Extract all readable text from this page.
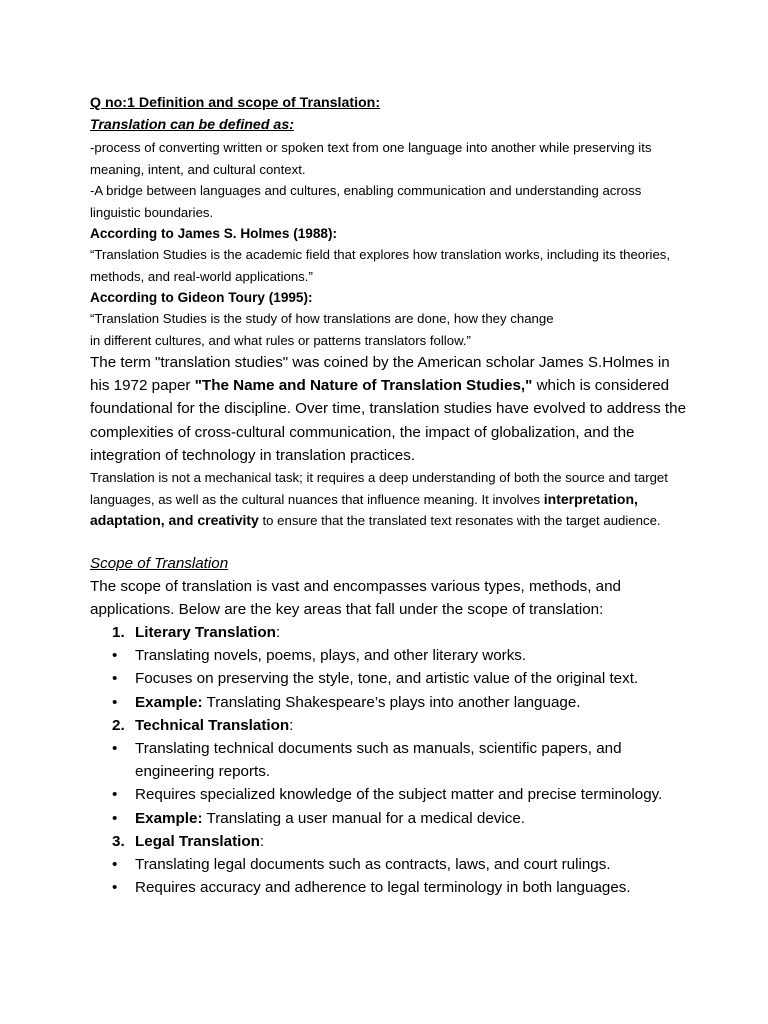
Q no:1 Definition and scope of Translation:

Translation can be defined as:

-process of converting written or spoken text from one language into another while preserving its meaning, intent, and cultural context.

-A bridge between languages and cultures, enabling communication and understanding across linguistic boundaries.

According to James S. Holmes (1988):

“Translation Studies is the academic field that explores how translation works, including its theories, methods, and real-world applications.”

According to Gideon Toury (1995):

“Translation Studies is the study of how translations are done, how they change

in different cultures, and what rules or patterns translators follow.”

The term "translation studies" was coined by the American scholar James S.Holmes in his 1972 paper "The Name and Nature of Translation Studies," which is considered foundational for the discipline. Over time, translation studies have evolved to address the complexities of cross-cultural communication, the impact of globalization, and the integration of technology in translation practices.

Translation is not a mechanical task; it requires a deep understanding of both the source and target languages, as well as the cultural nuances that influence meaning. It involves interpretation, adaptation, and creativity to ensure that the translated text resonates with the target audience.

Scope of Translation

The scope of translation is vast and encompasses various types, methods, and applications. Below are the key areas that fall under the scope of translation:

1. Literary Translation:
• Translating novels, poems, plays, and other literary works.
• Focuses on preserving the style, tone, and artistic value of the original text.
• Example: Translating Shakespeare’s plays into another language.
2. Technical Translation:
• Translating technical documents such as manuals, scientific papers, and engineering reports.
• Requires specialized knowledge of the subject matter and precise terminology.
• Example: Translating a user manual for a medical device.
3. Legal Translation:
• Translating legal documents such as contracts, laws, and court rulings.
• Requires accuracy and adherence to legal terminology in both languages.
